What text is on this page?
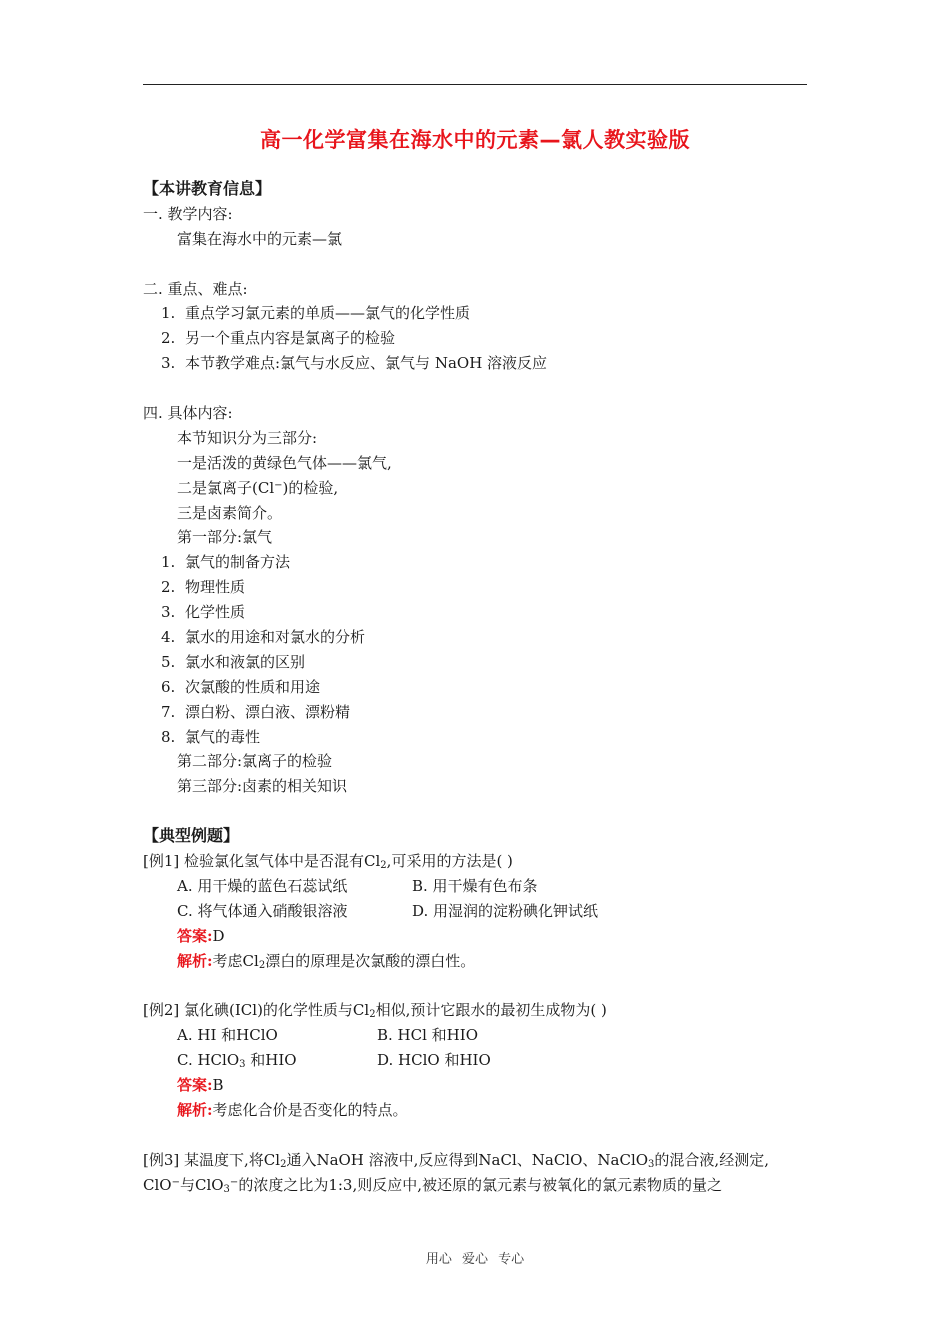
高一化学富集在海水中的元素—氯人教实验版
【本讲教育信息】
一. 教学内容:
富集在海水中的元素—氯
二. 重点、难点:
1. 重点学习氯元素的单质——氯气的化学性质
2. 另一个重点内容是氯离子的检验
3. 本节教学难点:氯气与水反应、氯气与 NaOH 溶液反应
四. 具体内容:
本节知识分为三部分:
一是活泼的黄绿色气体——氯气,
二是氯离子(Cl−)的检验,
三是卤素简介。
第一部分:氯气
1. 氯气的制备方法
2. 物理性质
3. 化学性质
4. 氯水的用途和对氯水的分析
5. 氯水和液氯的区别
6. 次氯酸的性质和用途
7. 漂白粉、漂白液、漂粉精
8. 氯气的毒性
第二部分:氯离子的检验
第三部分:卤素的相关知识
【典型例题】
[例1] 检验氯化氢气体中是否混有$Cl_2$,可采用的方法是( )
A. 用干燥的蓝色石蕊试纸	B. 用干燥有色布条
C. 将气体通入硝酸银溶液	D. 用湿润的淀粉碘化钾试纸
答案:D
解析:考虑$Cl_2$漂白的原理是次氯酸的漂白性。
[例2] 氯化碘(ICl)的化学性质与$Cl_2$相似,预计它跟水的最初生成物为( )
A. HI 和HClO	B. HCl 和HIO
C. HClO$_3$ 和HIO	D. HClO 和HIO
答案:B
解析:考虑化合价是否变化的特点。
[例3] 某温度下,将$Cl_2$通入NaOH 溶液中,反应得到NaCl、NaClO、NaClO$_3$的混合液,经测定,
ClO−与ClO$_3$−的浓度之比为1:3,则反应中,被还原的氯元素与被氧化的氯元素物质的量之
用心 爱心 专心
